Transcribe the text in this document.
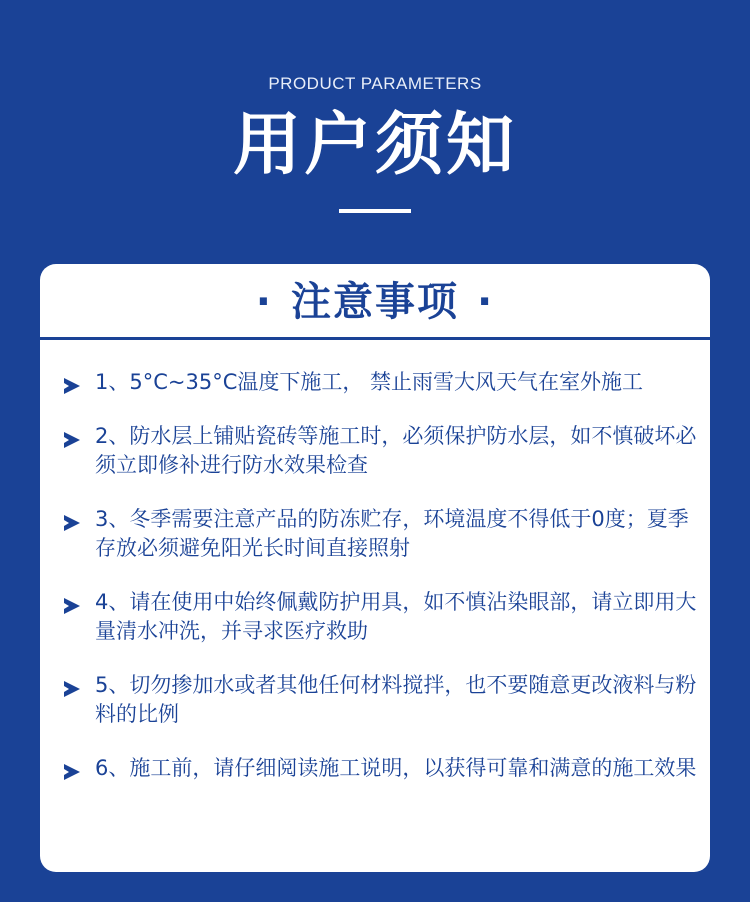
PRODUCT PARAMETERS
用户须知
· 注意事项 ·
1、5°C~35°C温度下施工， 禁止雨雪大风天气在室外施工
2、防水层上铺贴瓷砖等施工时，必须保护防水层，如不慎破坏必须立即修补进行防水效果检查
3、冬季需要注意产品的防冻贮存，环境温度不得低于0度；夏季存放必须避免阳光长时间直接照射
4、请在使用中始终佩戴防护用具，如不慎沾染眼部，请立即用大量清水冲洗，并寻求医疗救助
5、切勿掺加水或者其他任何材料搅拌，也不要随意更改液料与粉料的比例
6、施工前，请仔细阅读施工说明，以获得可靠和满意的施工效果
